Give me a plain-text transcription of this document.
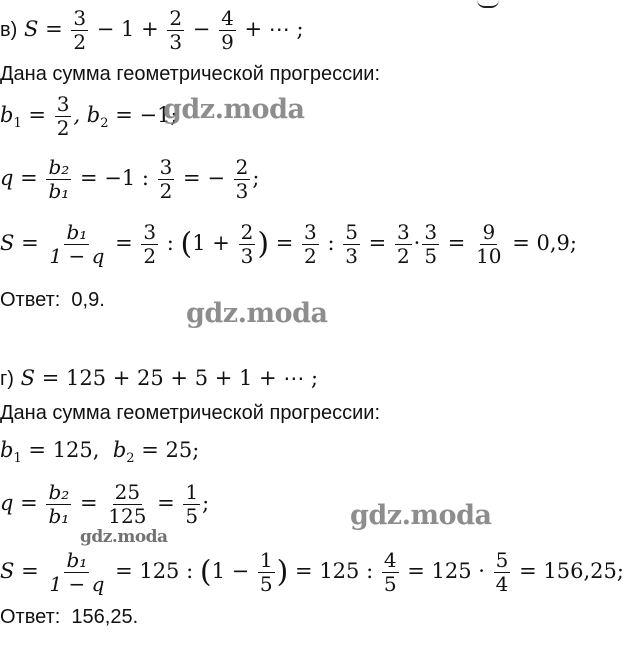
в) $S = \frac{3}{2} - 1 + \frac{2}{3} - \frac{4}{9}$ + ⋯ ;
Дана сумма геометрической прогрессии:
$b_1 = \frac{3}{2}$ , $b_2 = -1$;
$q = \frac{\text{b₂}}{\text{b₁}} = -1$ : $\frac{3}{2}$ = − $\frac{2}{3}$ ;
$S = \frac{\text{b₁}}{1 - q} = \frac{3}{2}$ : ($1 + \frac{2}{3}$ ) = $\frac{3}{2}$ : $\frac{5}{3} = \frac{3}{2} \cdot \frac{3}{5} = \frac{9}{10} = 0,9$;
Ответ: 0,9.
г) S = 125 + 25 + 5 + 1 + ⋯ ;
Дана сумма геометрической прогрессии:
$b_1 = 125$, $b_2 = 25$;
$q = \frac{\text{b₂}}{\text{b₁}} = \frac{25}{125} = \frac{1}{5}$ ;
$S = \frac{\text{b₁}}{1 - q} = 125$ : ($1 - \frac{1}{5}$ ) = 125 : $\frac{4}{5} = 125 \cdot \frac{5}{4} = 156,25$;
Ответ: 156,25.
gdz.moda
gdz.moda
gdz.moda
gdz.moda
